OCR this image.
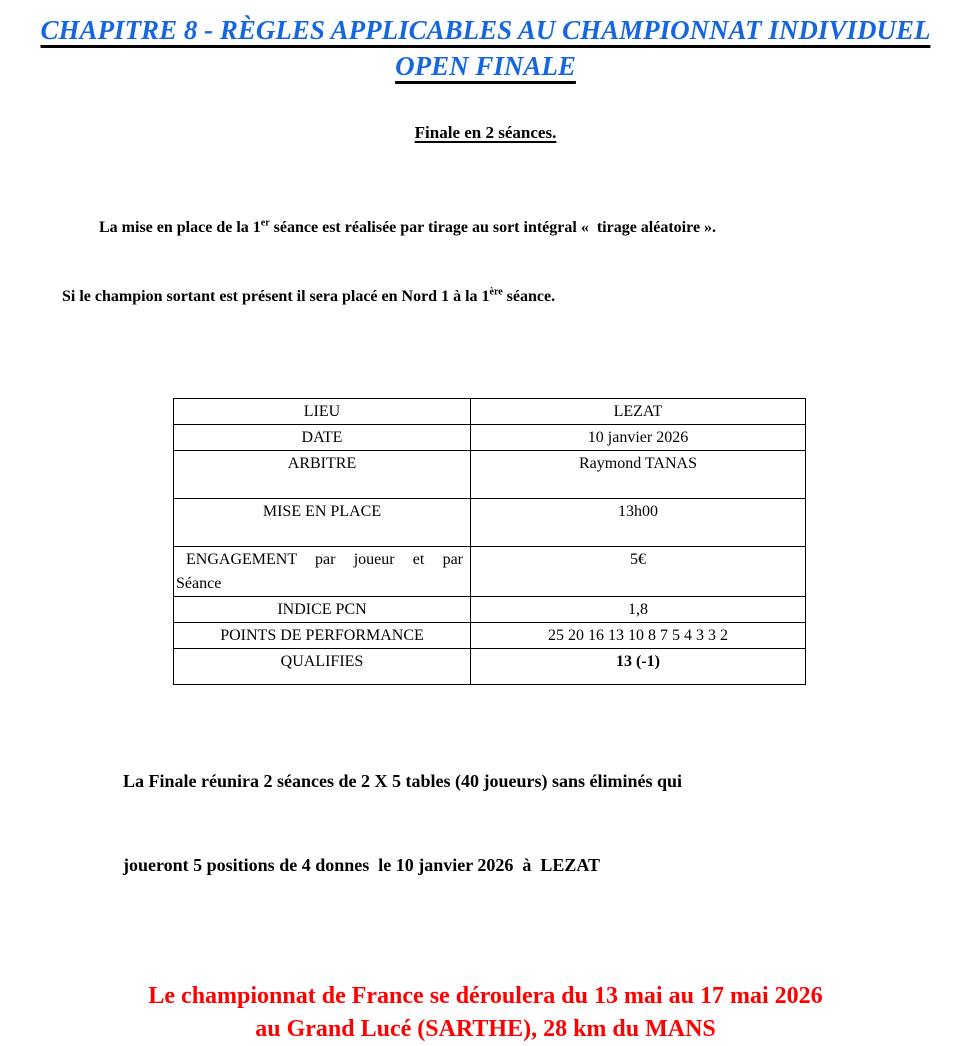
CHAPITRE 8 - RÈGLES APPLICABLES AU CHAMPIONNAT INDIVIDUEL
OPEN FINALE
Finale en 2 séances.

La mise en place de la 1er séance est réalisée par tirage au sort intégral «  tirage aléatoire ».

Si le champion sortant est présent il sera placé en Nord 1 à la 1ère séance.

LIEU	LEZAT
DATE	10 janvier 2026
ARBITRE	Raymond TANAS
MISE EN PLACE	13h00

ENGAGEMENT par joueur et par
Séance	5€
INDICE PCN	1,8
POINTS DE PERFORMANCE	25 20 16 13 10 8 7 5 4 3 3 2
QUALIFIES	13 (-1)

La Finale réunira 2 séances de 2 X 5 tables (40 joueurs) sans éliminés qui

joueront 5 positions de 4 donnes  le 10 janvier 2026  à  LEZAT

Le championnat de France se déroulera du 13 mai au 17 mai 2026
au Grand Lucé (SARTHE), 28 km du MANS
